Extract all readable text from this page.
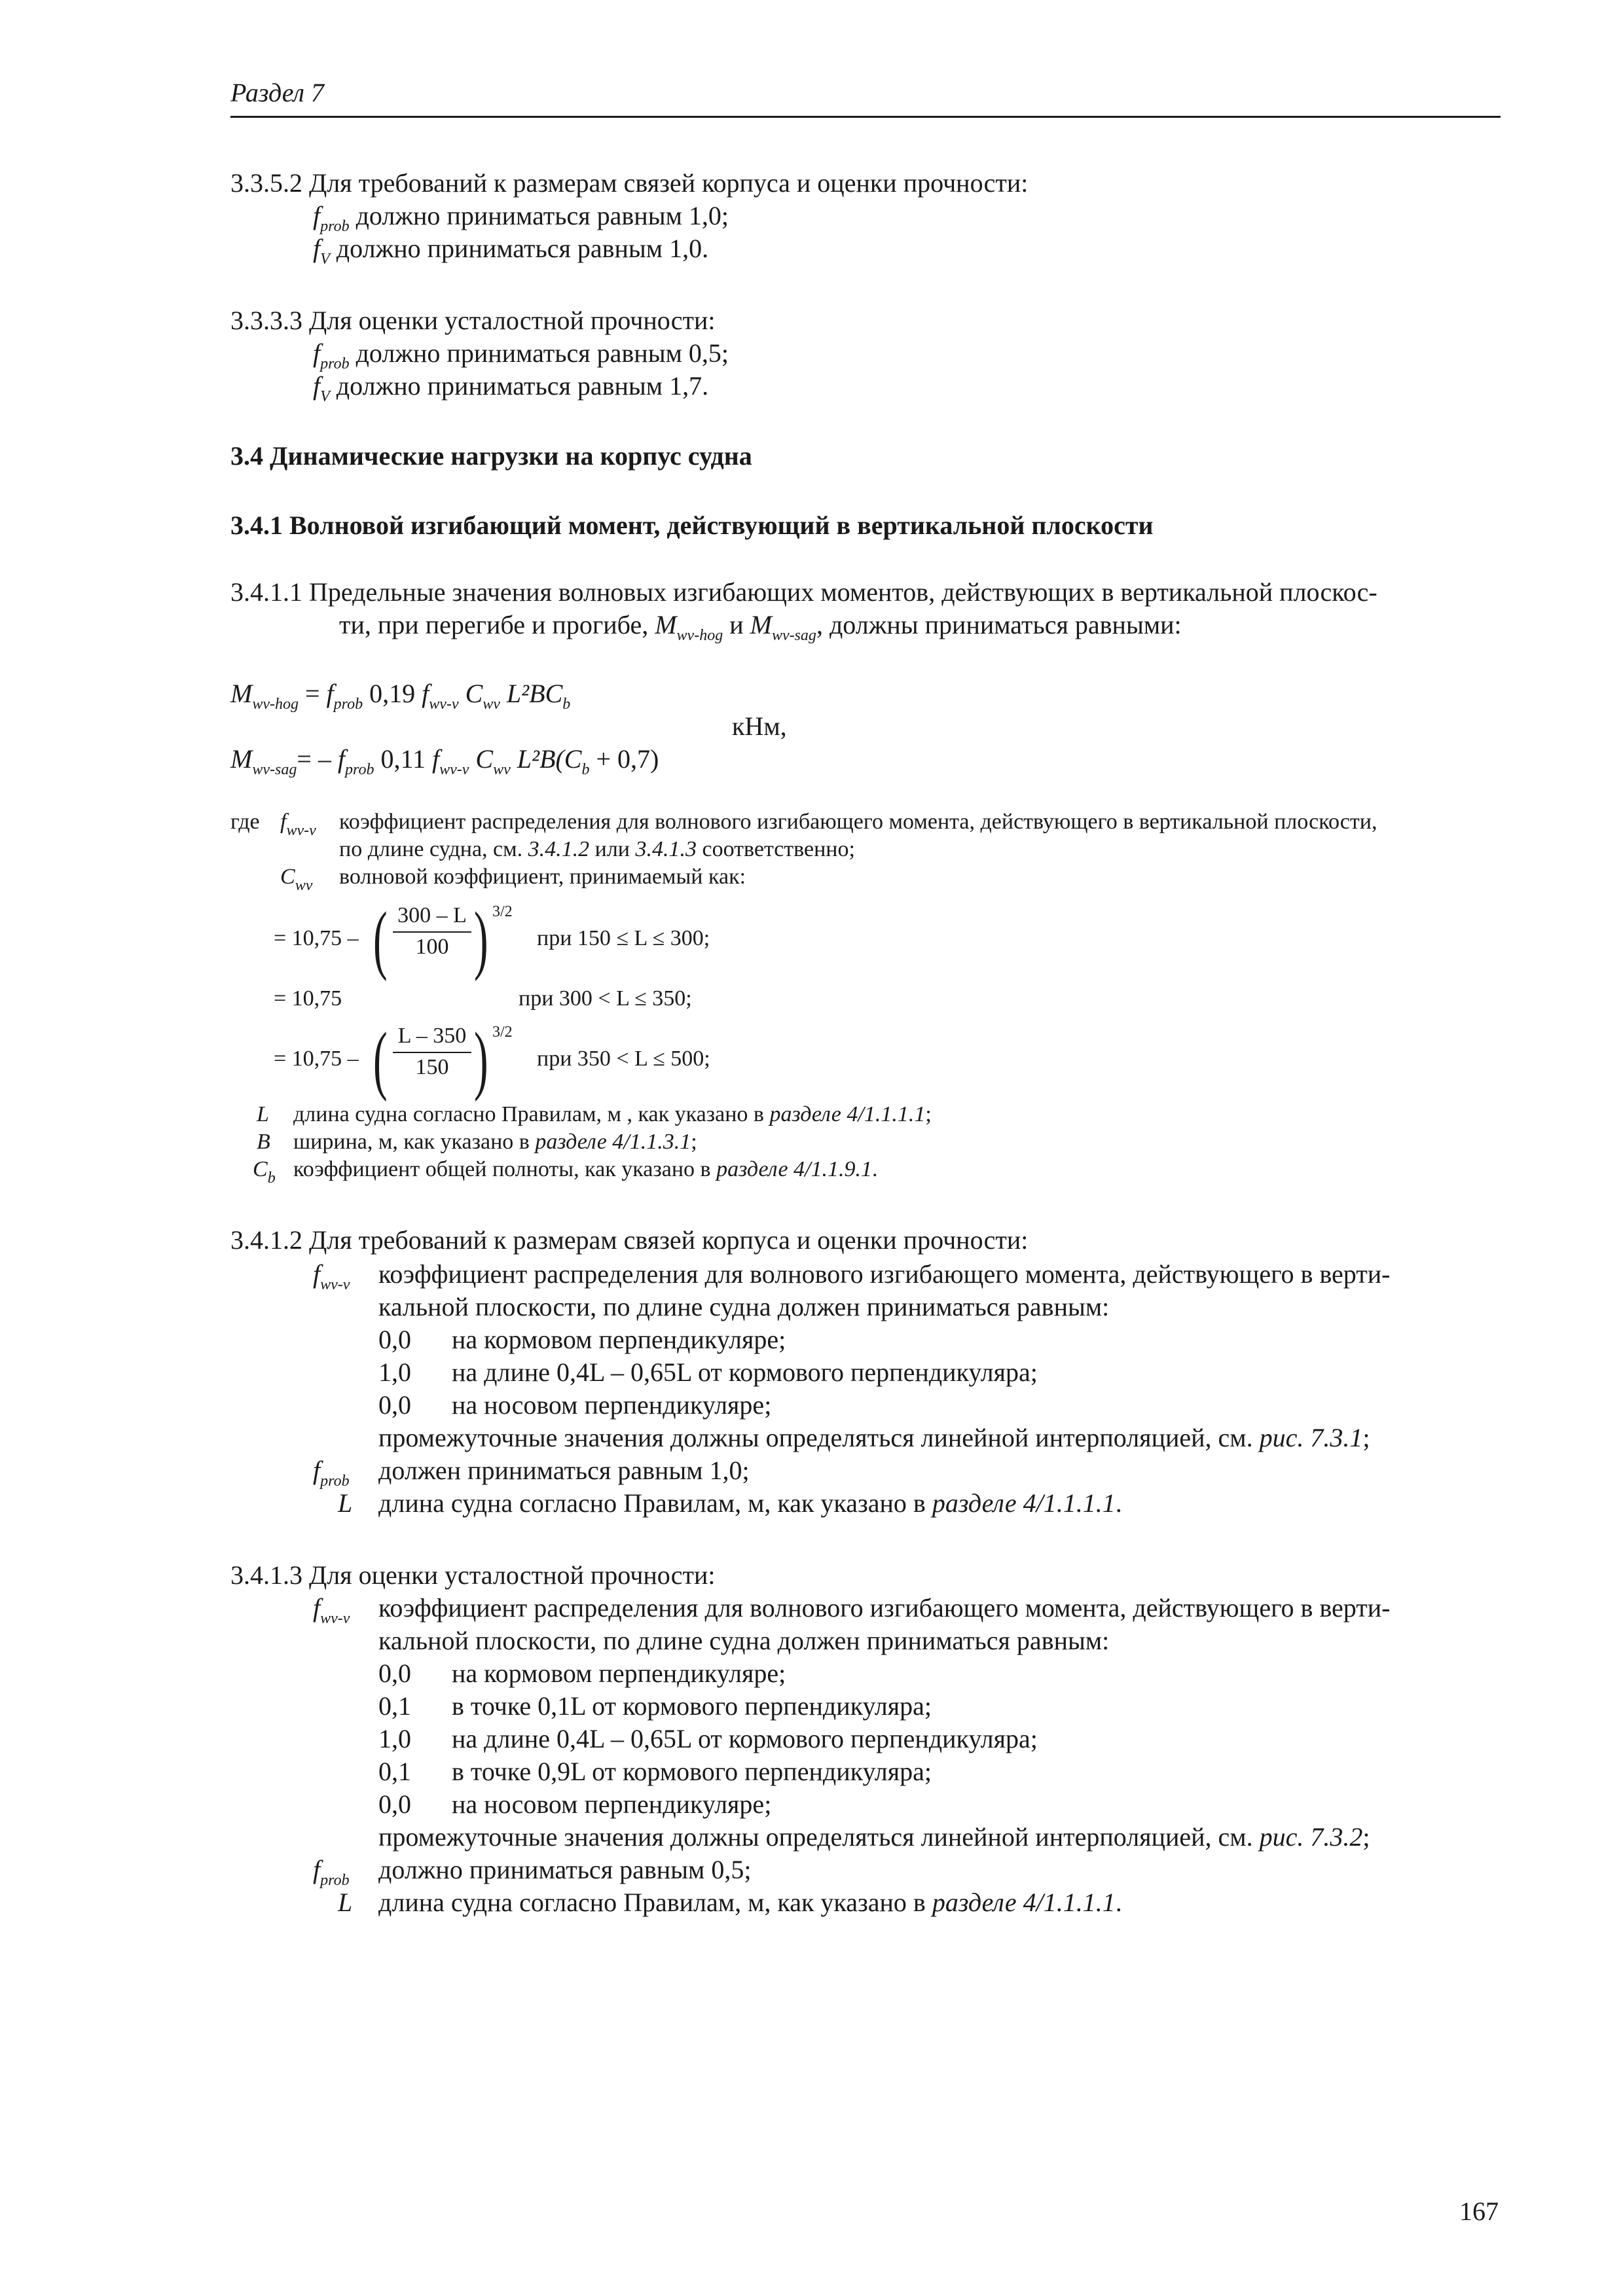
Раздел 7
3.3.5.2 Для требований к размерам связей корпуса и оценки прочности:
$f_{prob}$ должно приниматься равным 1,0;
$f_V$ должно приниматься равным 1,0.
3.3.3.3 Для оценки усталостной прочности:
$f_{prob}$ должно приниматься равным 0,5;
$f_V$ должно приниматься равным 1,7.
3.4 Динамические нагрузки на корпус судна
3.4.1 Волновой изгибающий момент, действующий в вертикальной плоскости
3.4.1.1 Предельные значения волновых изгибающих моментов, действующих в вертикальной плоскос-
ти, при перегибе и прогибе, $M_{wv-hog}$ и $M_{wv-sag}$, должны приниматься равными:
$M_{wv-hog} = f_{prob}$ 0,19 $f_{wv-v}$ $C_{wv}$ $L^2BC_b$
кНм,
$M_{wv-sag}= - f_{prob}$ 0,11 $f_{wv-v}$ $C_{wv}$ $L^2B(C_b + 0,7)$
где $f_{wv-v}$ коэффициент распределения для волнового изгибающего момента, действующего в вертикальной плоскости,
по длине судна, см. 3.4.1.2 или 3.4.1.3 соответственно;
$C_{wv}$ волновой коэффициент, принимаемый как:
= 10,75 – ( 300 – L
100 ) 3/2
при 150 ≤ L ≤ 300;
= 10,75	при 300 < L ≤ 350;
= 10,75 – ( L – 350
150 ) 3/2
при 350 < L ≤ 500;
L длина судна согласно Правилам, м , как указано в разделе 4/1.1.1.1;
B ширина, м, как указано в разделе 4/1.1.3.1;
$C_b$ коэффициент общей полноты, как указано в разделе 4/1.1.9.1.
3.4.1.2 Для требований к размерам связей корпуса и оценки прочности:
$f_{wv-v}$ коэффициент распределения для волнового изгибающего момента, действующего в верти-
кальной плоскости, по длине судна должен приниматься равным:
0,0 на кормовом перпендикуляре;
1,0 на длине 0,4L – 0,65L от кормового перпендикуляра;
0,0 на носовом перпендикуляре;
промежуточные значения должны определяться линейной интерполяцией, см. рис. 7.3.1;
$f_{prob}$ должен приниматься равным 1,0;
L длина судна согласно Правилам, м, как указано в разделе 4/1.1.1.1.
3.4.1.3 Для оценки усталостной прочности:
$f_{wv-v}$ коэффициент распределения для волнового изгибающего момента, действующего в верти-
кальной плоскости, по длине судна должен приниматься равным:
0,0 на кормовом перпендикуляре;
0,1 в точке 0,1L от кормового перпендикуляра;
1,0 на длине 0,4L – 0,65L от кормового перпендикуляра;
0,1 в точке 0,9L от кормового перпендикуляра;
0,0 на носовом перпендикуляре;
промежуточные значения должны определяться линейной интерполяцией, см. рис. 7.3.2;
$f_{prob}$ должно приниматься равным 0,5;
L длина судна согласно Правилам, м, как указано в разделе 4/1.1.1.1.
167
